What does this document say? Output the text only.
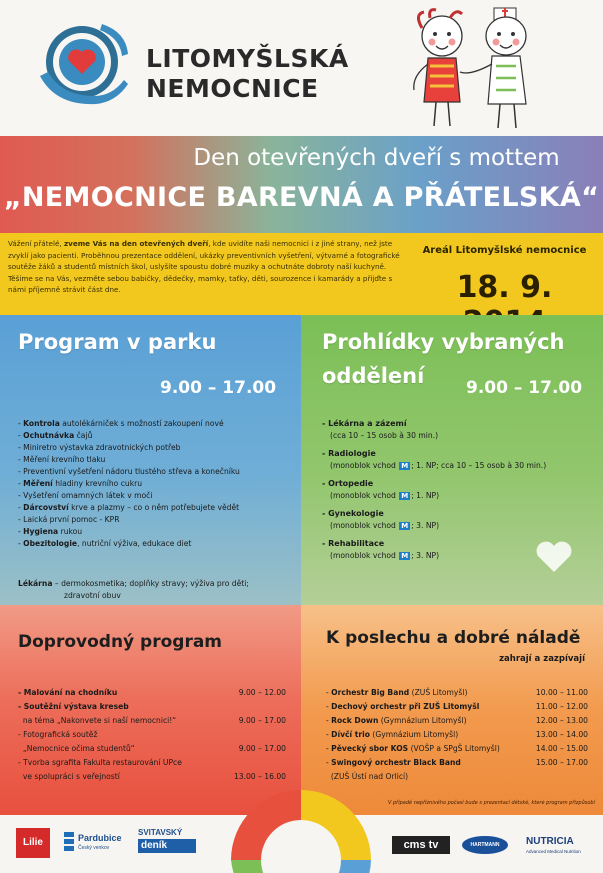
LITOMYŠLSKÁ
NEMOCNICE
Den otevřených dveří s mottem
„NEMOCNICE BAREVNÁ A PŘÁTELSKÁ“
Vážení přátelé, zveme Vás na den otevřených dveří, kde uvidíte naši nemocnici i z jiné strany, než jste zvyklí jako pacienti. Proběhnou prezentace oddělení, ukázky preventivních vyšetření, výtvarné a fotografické soutěže žáků a studentů místních škol, uslyšíte spoustu dobré muziky a ochutnáte dobroty naší kuchyně. Těšíme se na Vás, vezměte sebou babičky, dědečky, mamky, taťky, děti, sourozence i kamarády a přijďte s námi příjemně strávit část dne.
Areál Litomyšlské nemocnice
18. 9.
Program v parku
9.00 – 17.00
- Kontrola autolékárniček s možností zakoupení nové
- Ochutnávka čajů
- Miniretro výstavka zdravotnických potřeb
- Měření krevního tlaku
- Preventivní vyšetření nádoru tlustého střeva a konečníku
- Měření hladiny krevního cukru
- Vyšetření omamných látek v moči
- Dárcovství krve a plazmy – co o něm potřebujete vědět
- Laická první pomoc - KPR
- Hygiena rukou
- Obezitologie, nutriční výživa, edukace diet
Lékárna – dermokosmetika; doplňky stravy; výživa pro děti;
zdravotní obuv
Prohlídky vybraných
oddělení 9.00 – 17.00
- Lékárna a zázemí
(cca 10 – 15 osob à 30 min.)
- Radiologie
(monoblok vchod M ; 1. NP; cca 10 – 15 osob à 30 min.)
- Ortopedie
(monoblok vchod M ; 1. NP)
- Gynekologie
(monoblok vchod M ; 3. NP)
- Rehabilitace
(monoblok vchod M ; 3. NP)
Doprovodný program
- Malování na chodníku	9.00 – 12.00
- Soutěžní výstava kreseb
na téma „Nakonvete si naší nemocnici!“	9.00 – 17.00
- Fotografická soutěž
„Nemocnice očima studentů“	9.00 – 17.00
- Tvorba sgrafita Fakulta restaurování UPce
ve spolupráci s veřejností	13.00 – 16.00
K poslechu a dobré náladě
zahrají a zazpívají
- Orchestr Big Band (ZUŠ Litomyšl)	10.00 – 11.00
- Dechový orchestr při ZUŠ Litomyšl	11.00 – 12.00
- Rock Down (Gymnázium Litomyšl)	12.00 – 13.00
- Dívčí trio (Gymnázium Litomyšl)	13.00 – 14.00
- Pěvecký sbor KOS (VOŠP a SPgŠ Litomyšl)	14.00 – 15.00
- Swingový orchestr Black Band	15.00 – 17.00
(ZUŠ Ústí nad Orlicí)
V případě nepříznivého počasí bude s prezentací dětské, které program přizpůsobí
Lilie	Pardubice
Český venkov
SVITAVSKÝ
deník	cms tv	HARTMANN	NUTRICIA
Advanced Medical Nutrition
